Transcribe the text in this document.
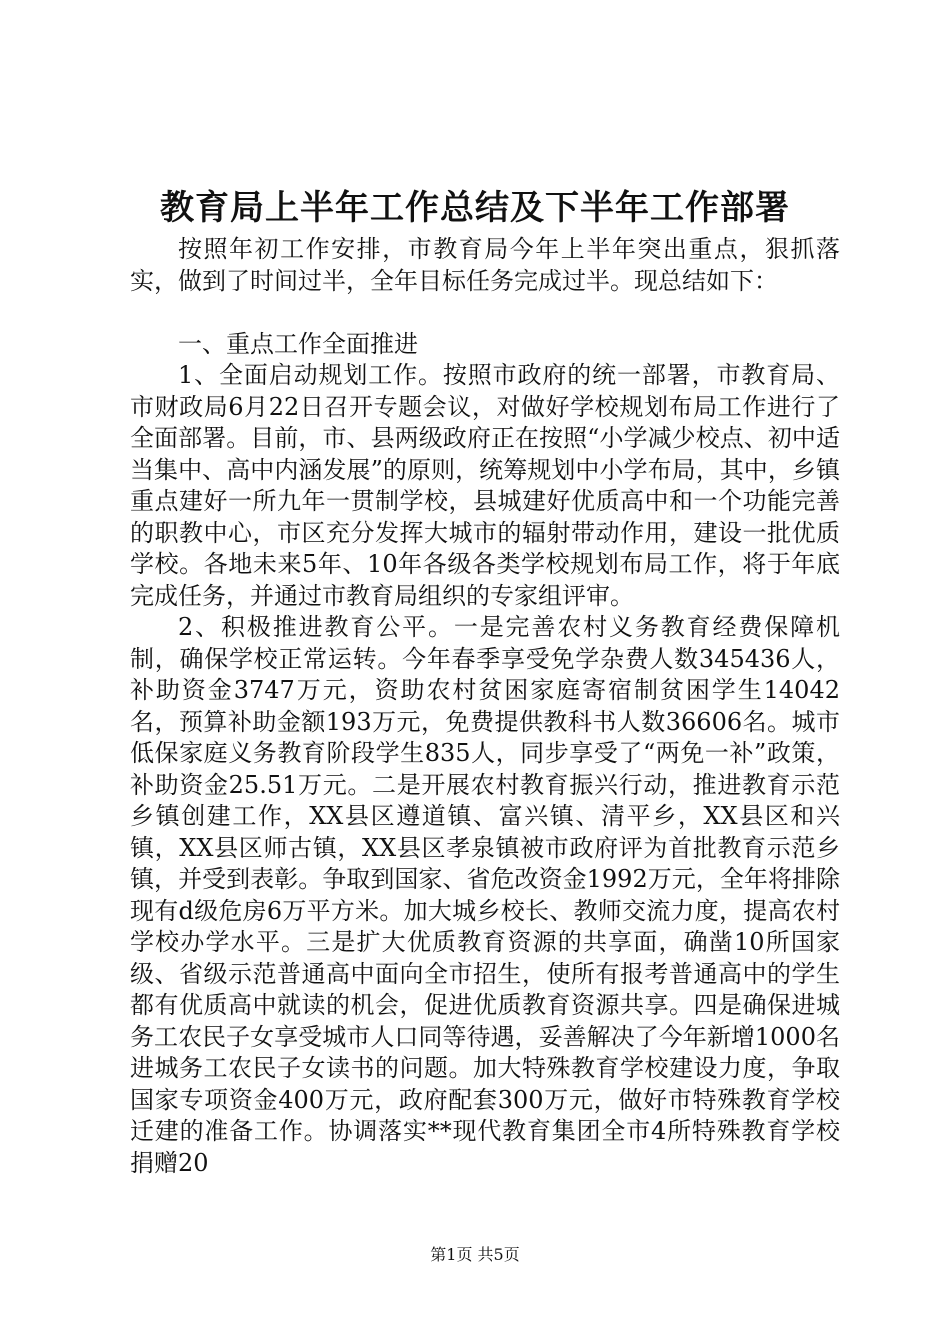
教育局上半年工作总结及下半年工作部署

按照年初工作安排，市教育局今年上半年突出重点，狠抓落实，做到了时间过半，全年目标任务完成过半。现总结如下：

一、重点工作全面推进

1、全面启动规划工作。按照市政府的统一部署，市教育局、市财政局6月22日召开专题会议，对做好学校规划布局工作进行了全面部署。目前，市、县两级政府正在按照“小学减少校点、初中适当集中、高中内涵发展”的原则，统筹规划中小学布局，其中，乡镇重点建好一所九年一贯制学校，县城建好优质高中和一个功能完善的职教中心，市区充分发挥大城市的辐射带动作用，建设一批优质学校。各地未来5年、10年各级各类学校规划布局工作，将于年底完成任务，并通过市教育局组织的专家组评审。

2、积极推进教育公平。一是完善农村义务教育经费保障机制，确保学校正常运转。今年春季享受免学杂费人数345436人，补助资金3747万元，资助农村贫困家庭寄宿制贫困学生14042名，预算补助金额193万元，免费提供教科书人数36606名。城市低保家庭义务教育阶段学生835人，同步享受了“两免一补”政策，补助资金25.51万元。二是开展农村教育振兴行动，推进教育示范乡镇创建工作，XX县区遵道镇、富兴镇、清平乡，XX县区和兴镇，XX县区师古镇，XX县区孝泉镇被市政府评为首批教育示范乡镇，并受到表彰。争取到国家、省危改资金1992万元，全年将排除现有d级危房6万平方米。加大城乡校长、教师交流力度，提高农村学校办学水平。三是扩大优质教育资源的共享面，确凿10所国家级、省级示范普通高中面向全市招生，使所有报考普通高中的学生都有优质高中就读的机会，促进优质教育资源共享。四是确保进城务工农民子女享受城市人口同等待遇，妥善解决了今年新增1000名进城务工农民子女读书的问题。加大特殊教育学校建设力度，争取国家专项资金400万元，政府配套300万元，做好市特殊教育学校迁建的准备工作。协调落实**现代教育集团全市4所特殊教育学校捐赠20

第1页 共5页
